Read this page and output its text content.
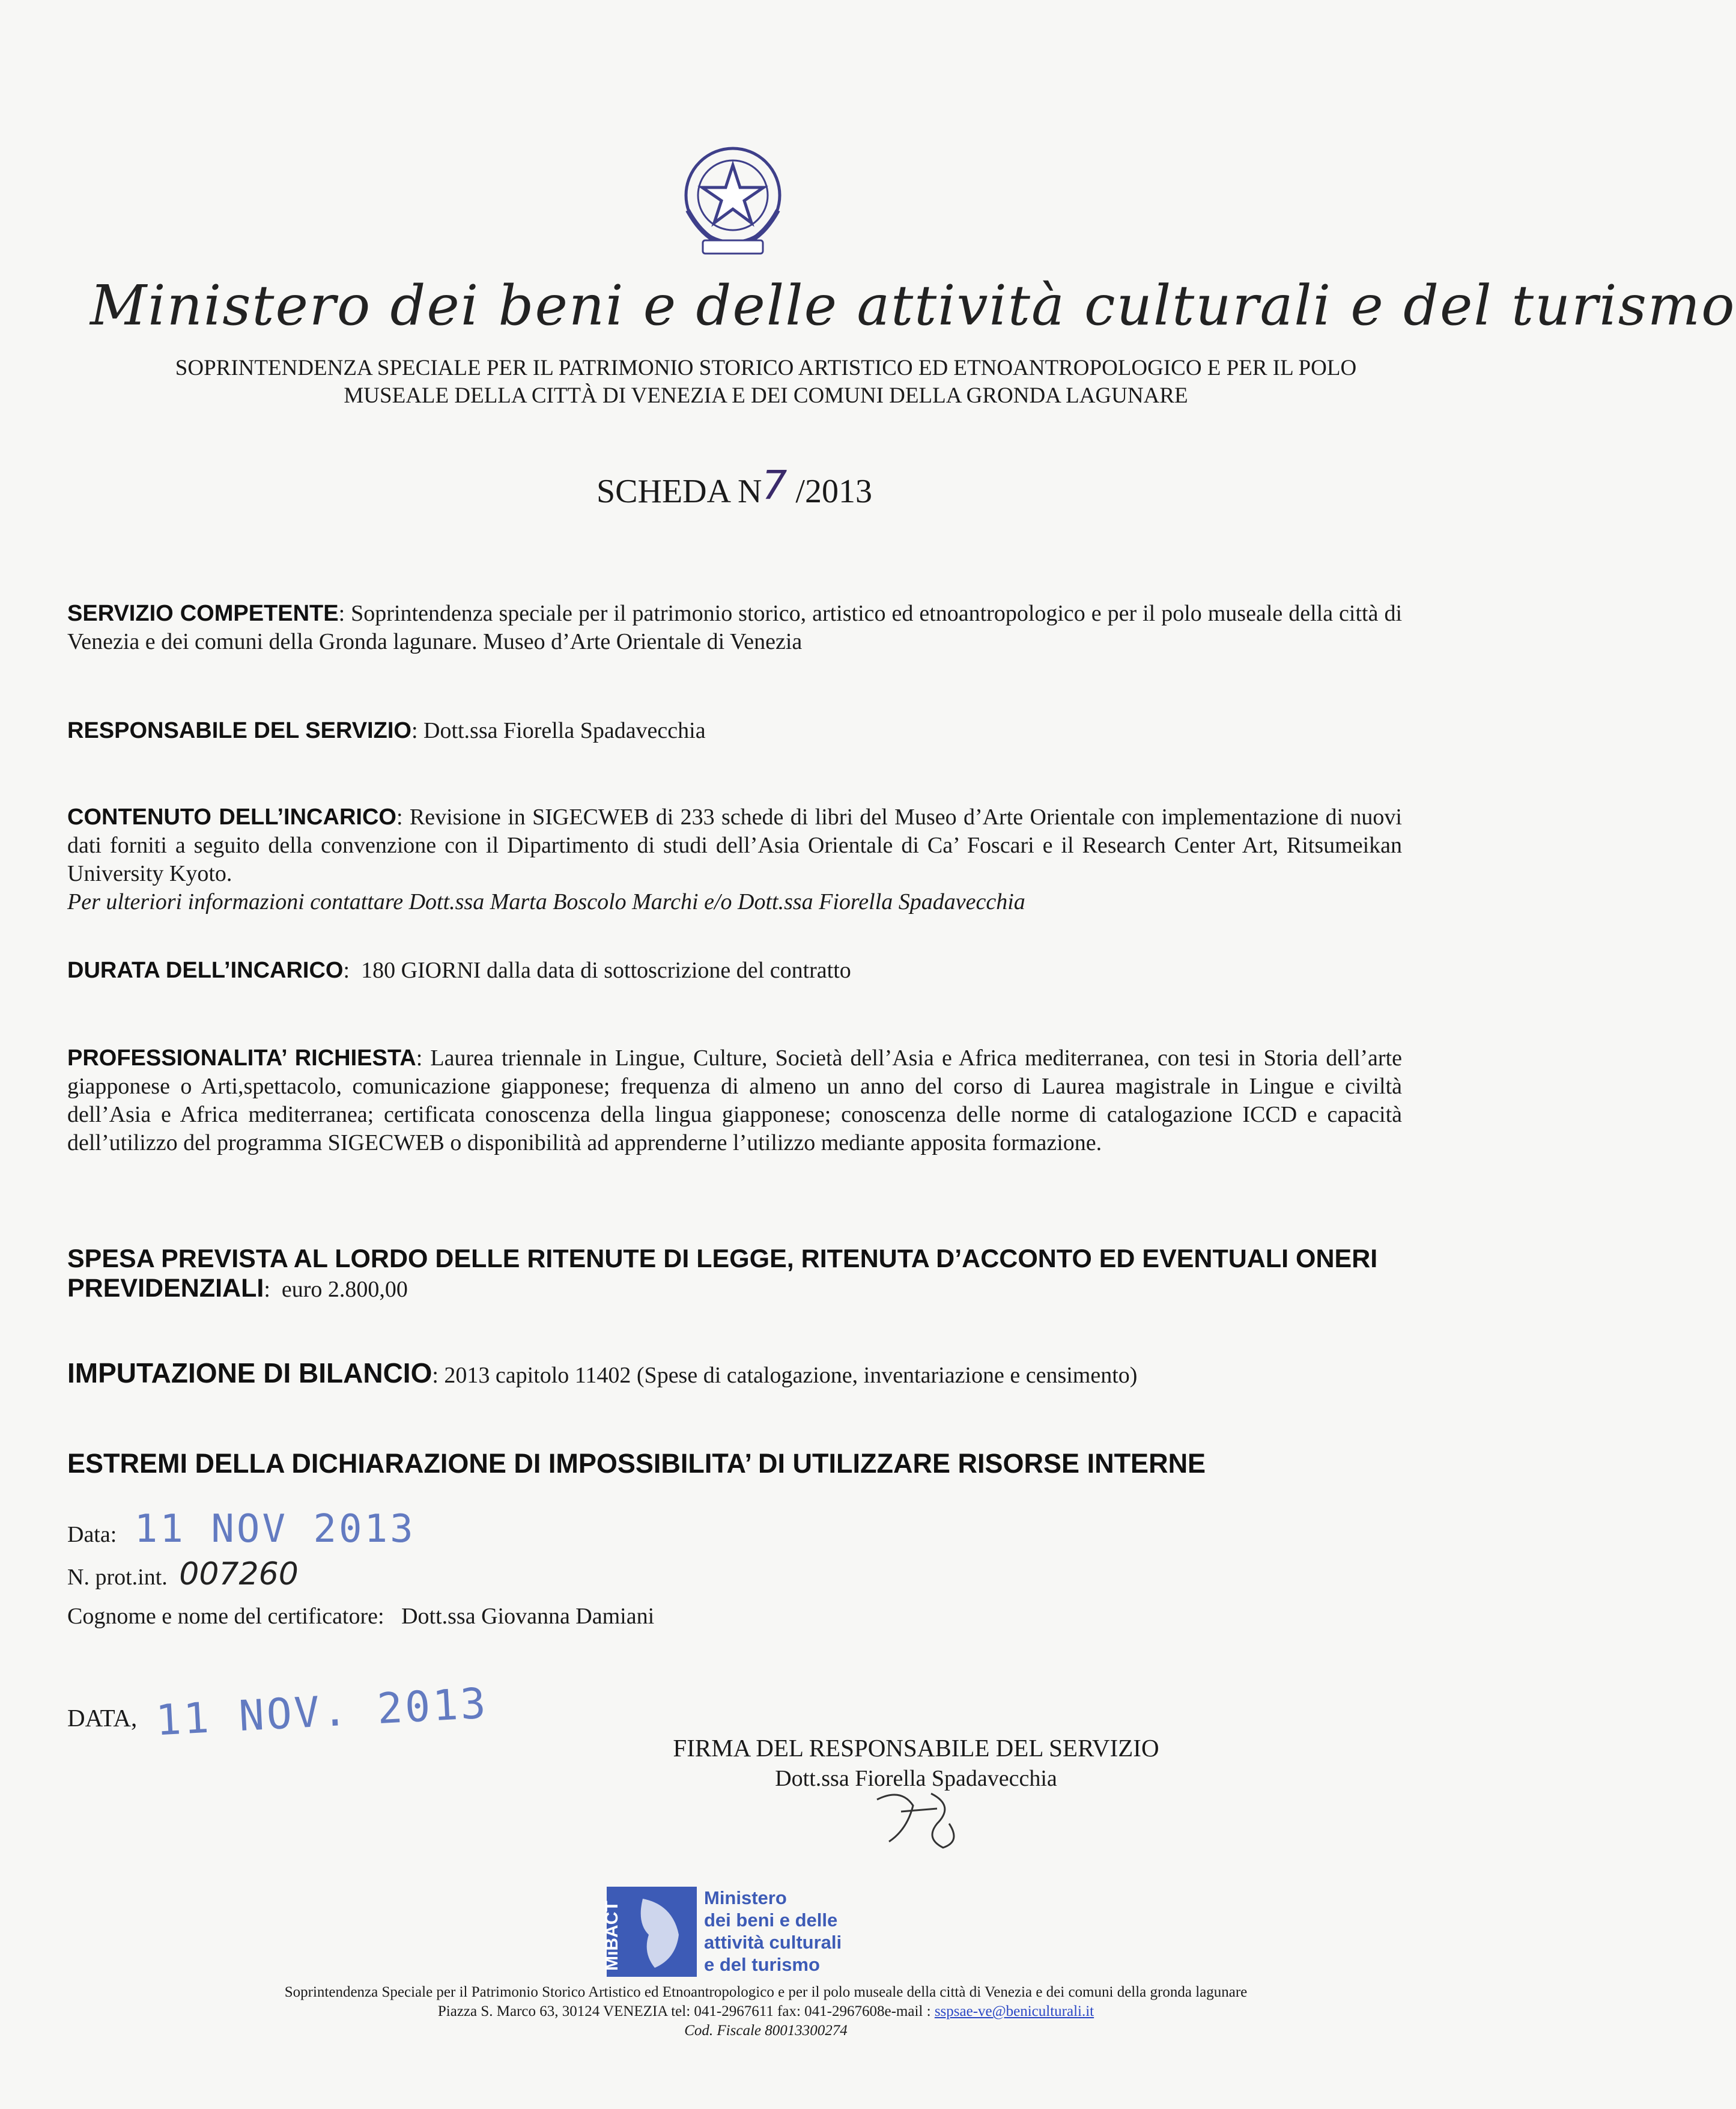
Ministero dei beni e delle attività culturali e del turismo
SOPRINTENDENZA SPECIALE PER IL PATRIMONIO STORICO ARTISTICO ED ETNOANTROPOLOGICO E PER IL POLO
MUSEALE DELLA CITTÀ DI VENEZIA E DEI COMUNI DELLA GRONDA LAGUNARE
SCHEDA N7 /2013
SERVIZIO COMPETENTE: Soprintendenza speciale per il patrimonio storico, artistico ed etnoantropologico e per il polo museale della città di Venezia e dei comuni della Gronda lagunare. Museo d’Arte Orientale di Venezia
RESPONSABILE DEL SERVIZIO: Dott.ssa Fiorella Spadavecchia
CONTENUTO DELL’INCARICO: Revisione in SIGECWEB di 233 schede di libri del Museo d’Arte Orientale con implementazione di nuovi dati forniti a seguito della convenzione con il Dipartimento di studi dell’Asia Orientale di Ca’ Foscari e il Research Center Art, Ritsumeikan University Kyoto.
Per ulteriori informazioni contattare Dott.ssa Marta Boscolo Marchi e/o Dott.ssa Fiorella Spadavecchia
DURATA DELL’INCARICO:  180 GIORNI dalla data di sottoscrizione del contratto
PROFESSIONALITA’ RICHIESTA: Laurea triennale in Lingue, Culture, Società dell’Asia e Africa mediterranea, con tesi in Storia dell’arte giapponese o Arti,spettacolo, comunicazione giapponese; frequenza di almeno un anno del corso di Laurea magistrale in Lingue e civiltà dell’Asia e Africa mediterranea; certificata conoscenza della lingua giapponese; conoscenza delle norme di catalogazione ICCD e capacità dell’utilizzo del programma SIGECWEB o disponibilità ad apprenderne l’utilizzo mediante apposita formazione.
SPESA PREVISTA AL LORDO DELLE RITENUTE DI LEGGE, RITENUTA D’ACCONTO ED EVENTUALI ONERI PREVIDENZIALI:  euro 2.800,00
IMPUTAZIONE DI BILANCIO: 2013 capitolo 11402 (Spese di catalogazione, inventariazione e censimento)
ESTREMI DELLA DICHIARAZIONE DI IMPOSSIBILITA’ DI UTILIZZARE RISORSE INTERNE
Data: 11 NOV 2013
N. prot.int. 007260
Cognome e nome del certificatore: Dott.ssa Giovanna Damiani
DATA, 11 NOV. 2013
FIRMA DEL RESPONSABILE DEL SERVIZIO
Dott.ssa Fiorella Spadavecchia
MiBACT
Ministero
dei beni e delle
attività culturali
e del turismo
Soprintendenza Speciale per il Patrimonio Storico Artistico ed Etnoantropologico e per il polo museale della città di Venezia e dei comuni della gronda lagunare
Piazza S. Marco 63, 30124 VENEZIA tel: 041-2967611 fax: 041-2967608e-mail : sspsae-ve@beniculturali.it
Cod. Fiscale 80013300274
